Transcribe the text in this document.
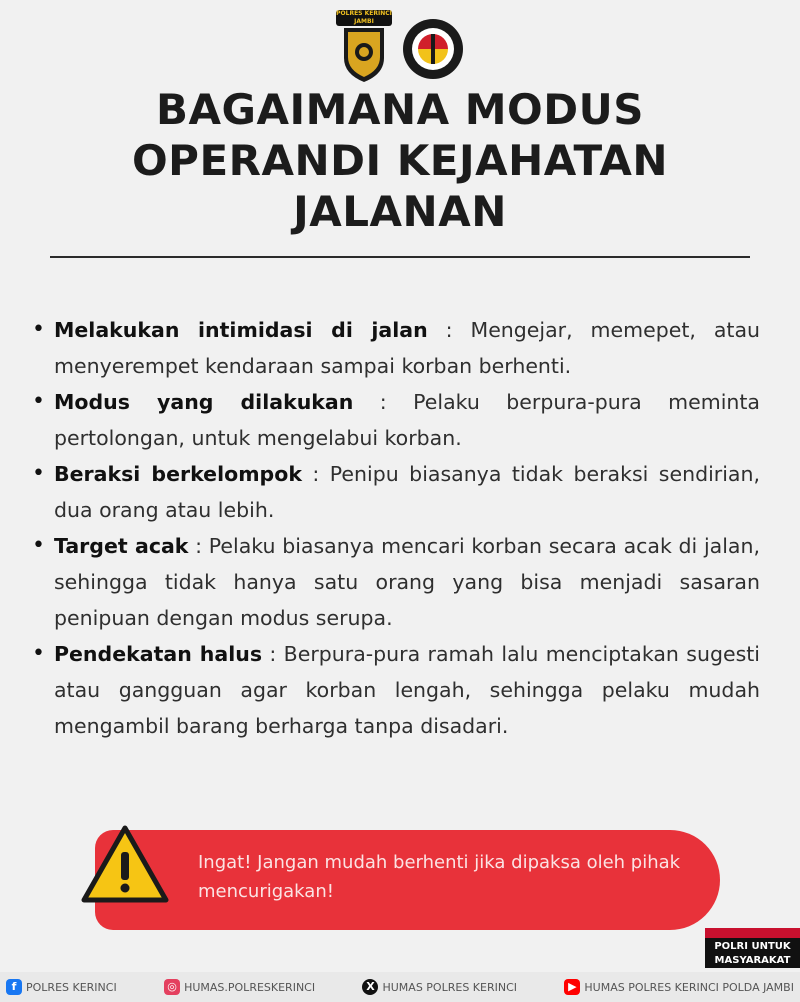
POLRES KERINCI
JAMBI
BAGAIMANA MODUS
OPERANDI KEJAHATAN
JALANAN
• Melakukan intimidasi di jalan : Mengejar, memepet, atau menyerempet kendaraan sampai korban berhenti.
• Modus yang dilakukan : Pelaku berpura-pura meminta pertolongan, untuk mengelabui korban.
• Beraksi berkelompok : Penipu biasanya tidak beraksi sendirian, dua orang atau lebih.
• Target acak : Pelaku biasanya mencari korban secara acak di jalan, sehingga tidak hanya satu orang yang bisa menjadi sasaran penipuan dengan modus serupa.
• Pendekatan halus : Berpura-pura ramah lalu menciptakan sugesti atau gangguan agar korban lengah, sehingga pelaku mudah mengambil barang berharga tanpa disadari.
Ingat! Jangan mudah berhenti jika dipaksa oleh pihak mencurigakan!
POLRI UNTUK
MASYARAKAT
f POLRES KERINCI	◎ HUMAS.POLRESKERINCI	X HUMAS POLRES KERINCI	▶ HUMAS POLRES KERINCI POLDA JAMBI
